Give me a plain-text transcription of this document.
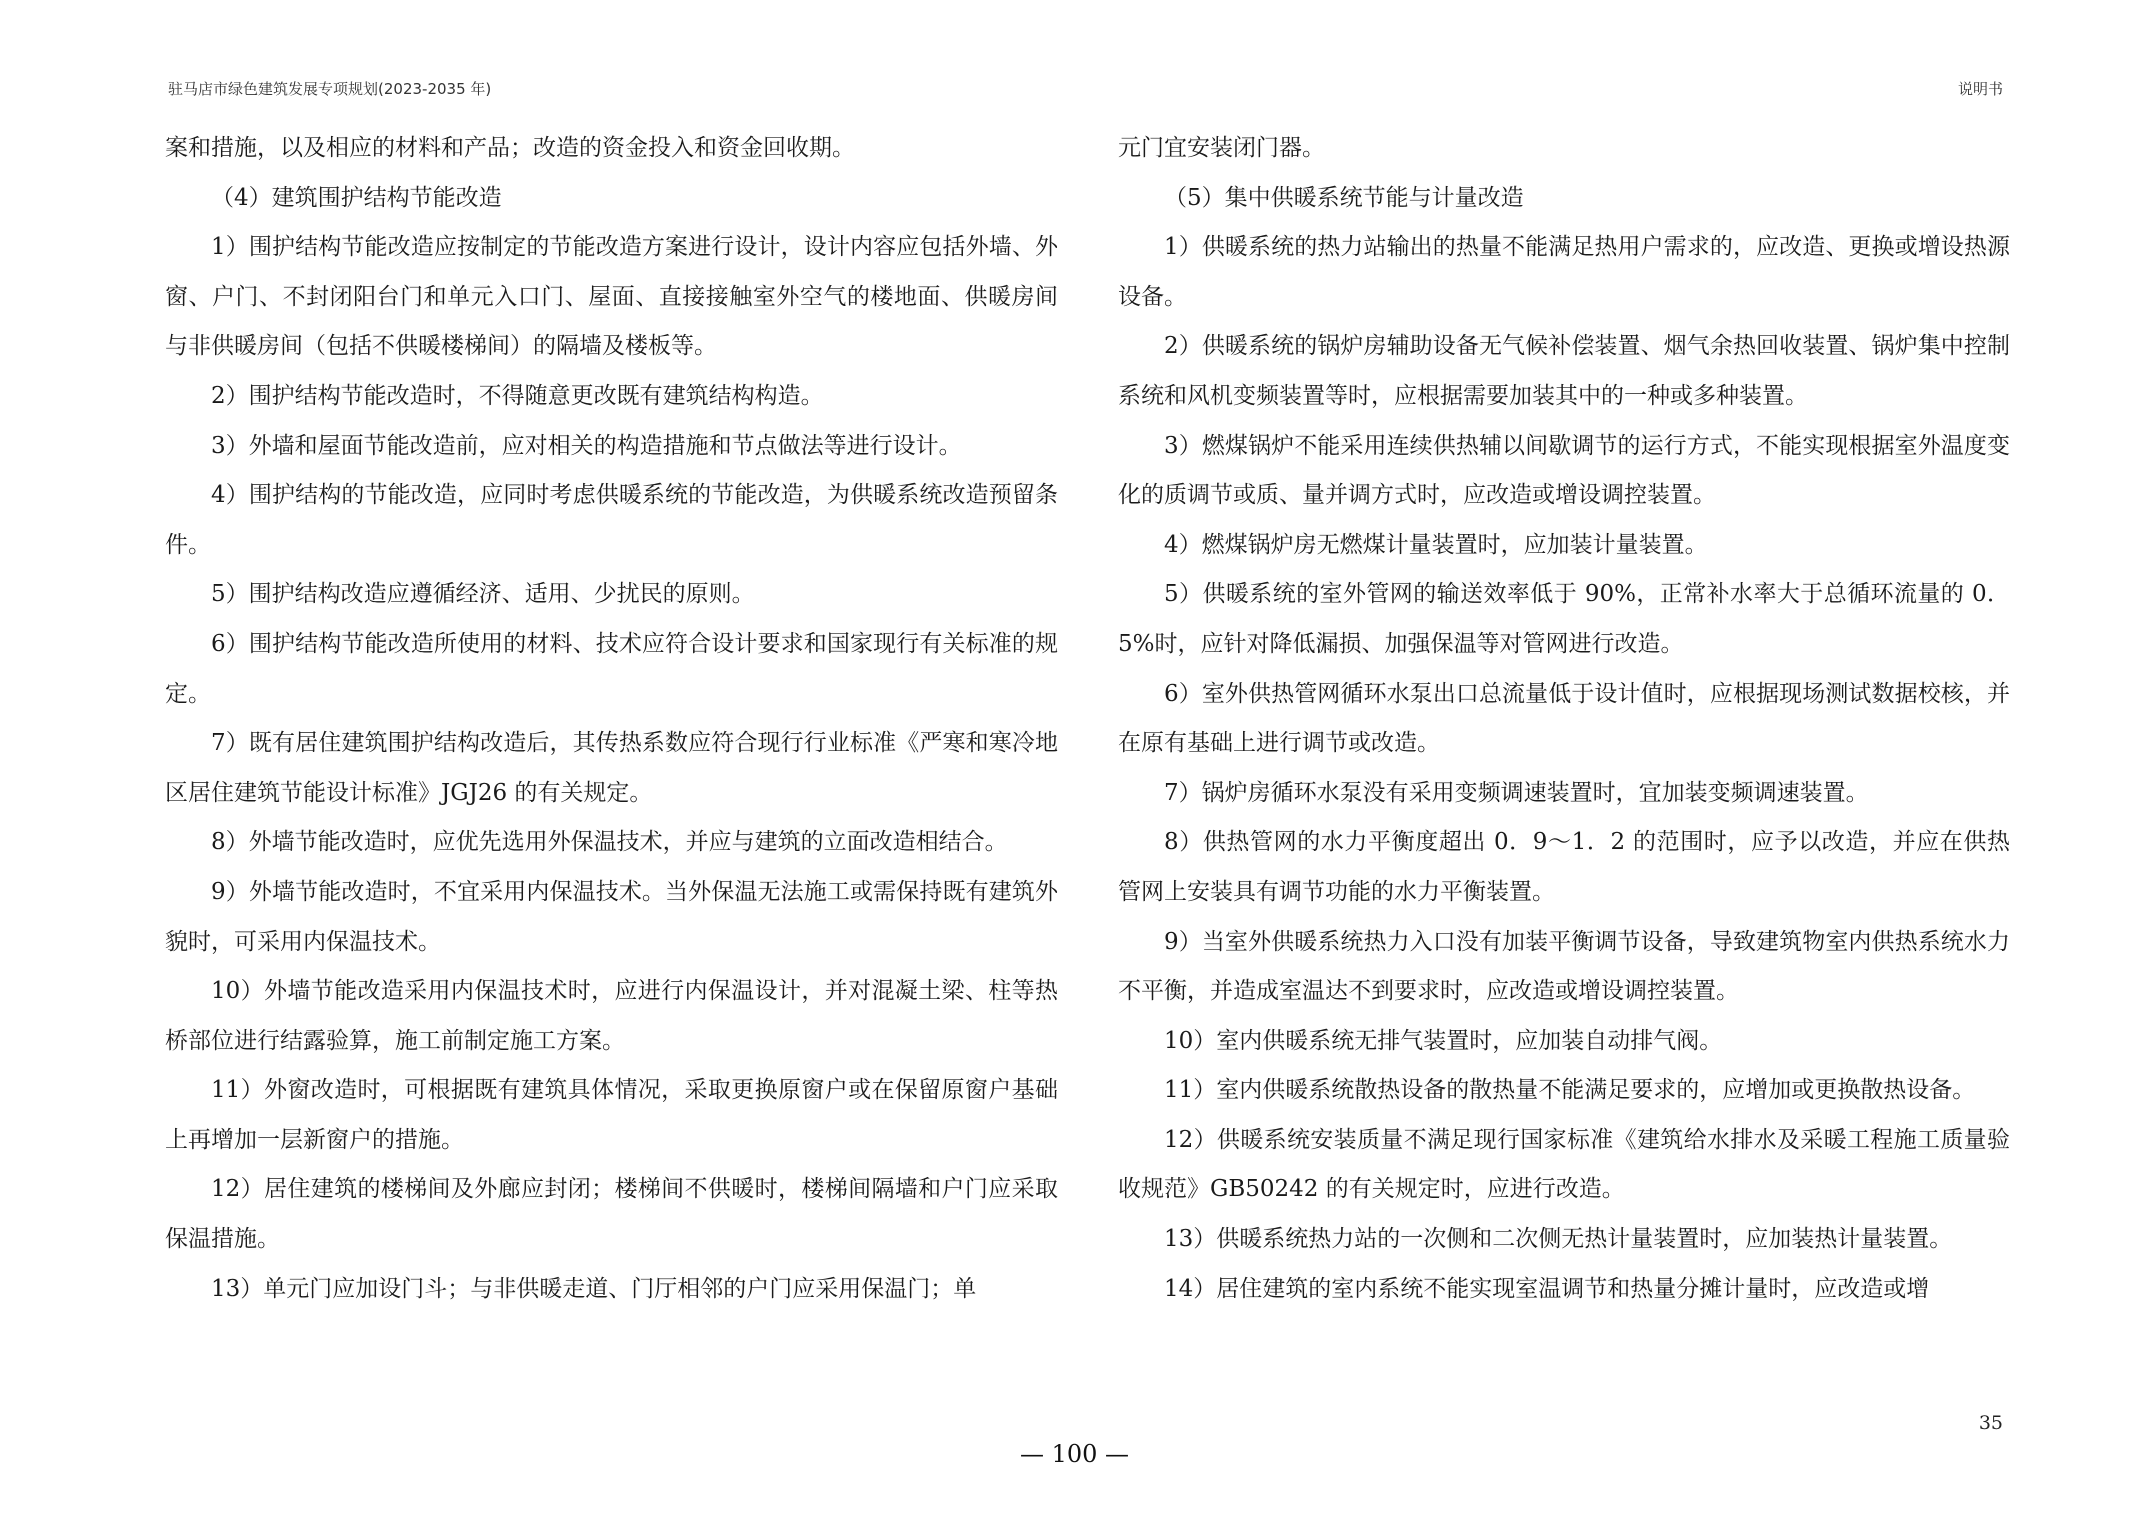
驻马店市绿色建筑发展专项规划(2023-2035 年)	说明书

案和措施，以及相应的材料和产品；改造的资金投入和资金回收期。

（4）建筑围护结构节能改造

1）围护结构节能改造应按制定的节能改造方案进行设计，设计内容应包括外墙、外窗、户门、不封闭阳台门和单元入口门、屋面、直接接触室外空气的楼地面、供暖房间与非供暖房间（包括不供暖楼梯间）的隔墙及楼板等。

2）围护结构节能改造时，不得随意更改既有建筑结构构造。

3）外墙和屋面节能改造前，应对相关的构造措施和节点做法等进行设计。

4）围护结构的节能改造，应同时考虑供暖系统的节能改造，为供暖系统改造预留条件。

5）围护结构改造应遵循经济、适用、少扰民的原则。

6）围护结构节能改造所使用的材料、技术应符合设计要求和国家现行有关标准的规定。

7）既有居住建筑围护结构改造后，其传热系数应符合现行行业标准《严寒和寒冷地区居住建筑节能设计标准》JGJ26 的有关规定。

8）外墙节能改造时，应优先选用外保温技术，并应与建筑的立面改造相结合。

9）外墙节能改造时，不宜采用内保温技术。当外保温无法施工或需保持既有建筑外貌时，可采用内保温技术。

10）外墙节能改造采用内保温技术时，应进行内保温设计，并对混凝土梁、柱等热桥部位进行结露验算，施工前制定施工方案。

11）外窗改造时，可根据既有建筑具体情况，采取更换原窗户或在保留原窗户基础上再增加一层新窗户的措施。

12）居住建筑的楼梯间及外廊应封闭；楼梯间不供暖时，楼梯间隔墙和户门应采取保温措施。

13）单元门应加设门斗；与非供暖走道、门厅相邻的户门应采用保温门；单

元门宜安装闭门器。

（5）集中供暖系统节能与计量改造

1）供暖系统的热力站输出的热量不能满足热用户需求的，应改造、更换或增设热源设备。

2）供暖系统的锅炉房辅助设备无气候补偿装置、烟气余热回收装置、锅炉集中控制系统和风机变频装置等时，应根据需要加装其中的一种或多种装置。

3）燃煤锅炉不能采用连续供热辅以间歇调节的运行方式，不能实现根据室外温度变化的质调节或质、量并调方式时，应改造或增设调控装置。

4）燃煤锅炉房无燃煤计量装置时，应加装计量装置。

5）供暖系统的室外管网的输送效率低于 90%，正常补水率大于总循环流量的 0．5%时，应针对降低漏损、加强保温等对管网进行改造。

6）室外供热管网循环水泵出口总流量低于设计值时，应根据现场测试数据校核，并在原有基础上进行调节或改造。

7）锅炉房循环水泵没有采用变频调速装置时，宜加装变频调速装置。

8）供热管网的水力平衡度超出 0．9～1．2 的范围时，应予以改造，并应在供热管网上安装具有调节功能的水力平衡装置。

9）当室外供暖系统热力入口没有加装平衡调节设备，导致建筑物室内供热系统水力不平衡，并造成室温达不到要求时，应改造或增设调控装置。

10）室内供暖系统无排气装置时，应加装自动排气阀。

11）室内供暖系统散热设备的散热量不能满足要求的，应增加或更换散热设备。

12）供暖系统安装质量不满足现行国家标准《建筑给水排水及采暖工程施工质量验收规范》GB50242 的有关规定时，应进行改造。

13）供暖系统热力站的一次侧和二次侧无热计量装置时，应加装热计量装置。

14）居住建筑的室内系统不能实现室温调节和热量分摊计量时，应改造或增

35
— 100 —
